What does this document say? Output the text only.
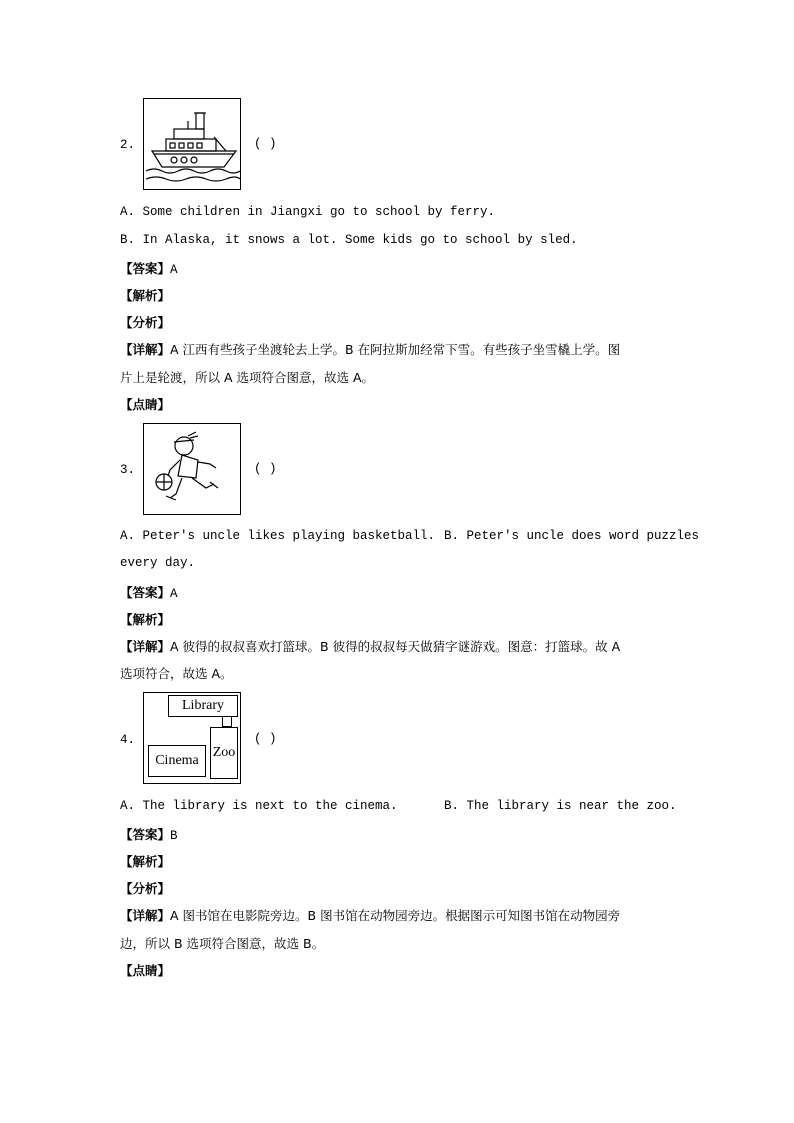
2.	( )
A. Some children in Jiangxi go to school by ferry.
B. In Alaska, it snows a lot. Some kids go to school by sled.
【答案】A
【解析】
【分析】
【详解】A 江西有些孩子坐渡轮去上学。B 在阿拉斯加经常下雪。有些孩子坐雪橇上学。图
片上是轮渡，所以 A 选项符合图意，故选 A。
【点睛】
3.	( )
A. Peter's uncle likes playing basketball. B. Peter's uncle does word puzzles
every day.
【答案】A
【解析】
【详解】A 彼得的叔叔喜欢打篮球。B 彼得的叔叔每天做猜字谜游戏。图意：打篮球。故 A
选项符合，故选 A。
Library
Zoo
Cinema
4.	( )
A. The library is next to the cinema.	B. The library is near the zoo.
【答案】B
【解析】
【分析】
【详解】A 图书馆在电影院旁边。B 图书馆在动物园旁边。根据图示可知图书馆在动物园旁
边，所以 B 选项符合图意，故选 B。
【点睛】
